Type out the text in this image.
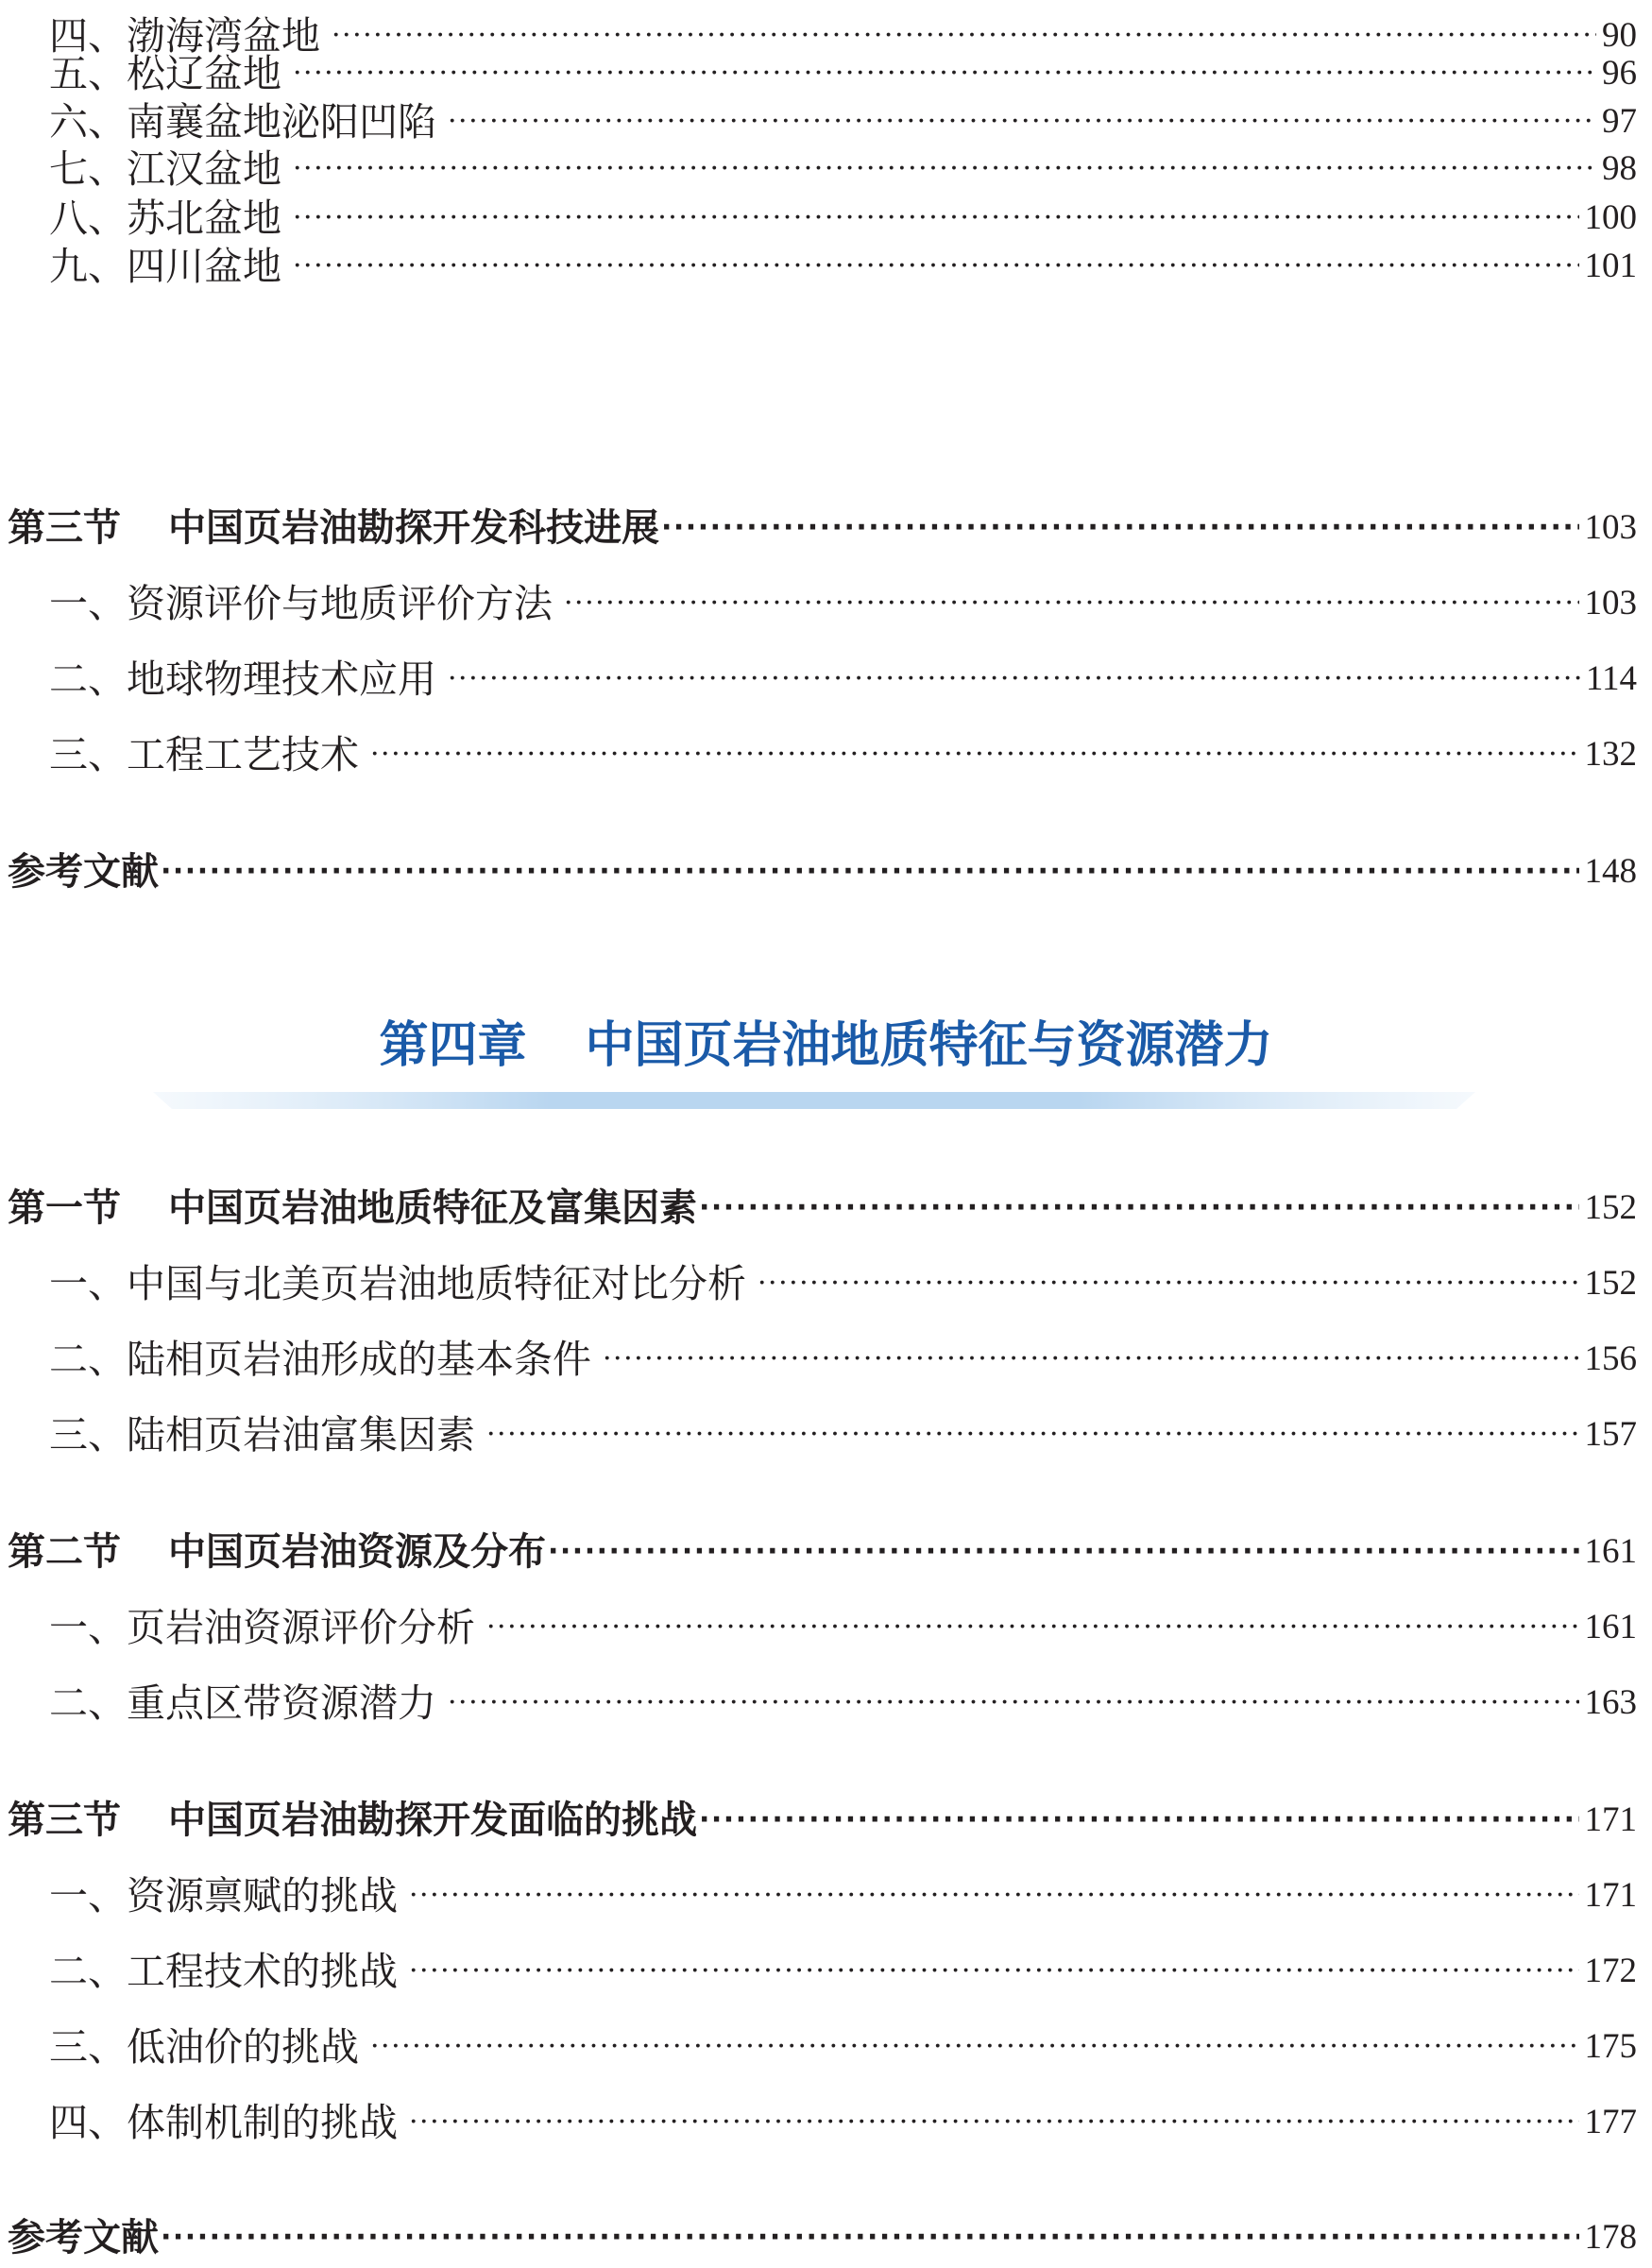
四、渤海湾盆地 ·····	90
五、松辽盆地 ·····	96
六、南襄盆地泌阳凹陷 ·····	97
七、江汉盆地 ·····	98
八、苏北盆地 ·····	100
九、四川盆地 ·····	101
第三节 中国页岩油勘探开发科技进展 ·····	103
一、资源评价与地质评价方法 ·····	103
二、地球物理技术应用 ·····	114
三、工程工艺技术 ·····	132
参考文献 ·····	148
第四章 中国页岩油地质特征与资源潜力
第一节 中国页岩油地质特征及富集因素 ·····	152
一、中国与北美页岩油地质特征对比分析 ·····	152
二、陆相页岩油形成的基本条件 ·····	156
三、陆相页岩油富集因素 ·····	157
第二节 中国页岩油资源及分布 ·····	161
一、页岩油资源评价分析 ·····	161
二、重点区带资源潜力 ·····	163
第三节 中国页岩油勘探开发面临的挑战 ·····	171
一、资源禀赋的挑战 ·····	171
二、工程技术的挑战 ·····	172
三、低油价的挑战 ·····	175
四、体制机制的挑战 ·····	177
参考文献 ·····	178
